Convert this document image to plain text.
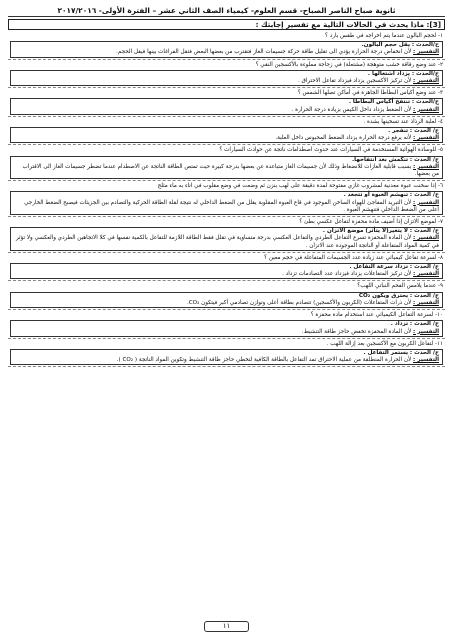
ثانوية صباح الناصر الصباح- قسم العلوم- كيمياء الصف الثاني عشر – الفترة الأولى- ٢٠١٧/٢٠١٦
[3]: ماذا يحدث في الحالات التالية مع تفسير إجابتك :
١- لحجم البالون عندما يتم اخراجه في طقس بارد ؟
ح/الحدث : يقل حجم البالون.
التفسير : لأن انخفاض درجة الحرارة يؤدي الى تقليل طاقة حركة جسيمات الغاز فتقترب من بعضها البعض فتقل الفراغات بينها فيقل الحجم.
٢- عند وضع رقاقة خشب متوهجة (مشتعلة) في زجاجة مملوءة بالأكسجين النقي ؟
ج/الحدث : يزداد اشتعالها .
التفسير : لأن تركيز الأكسجين يزداد فيزداد تفاعل الاحتراق .
٣- عند وضع أكياس البطاطا الجاهزة في أماكن تصلها الشمس ؟
ج/الحدث : تنتفخ أكياس البطاطا .
التفسير : لأن الضغط يزداد داخل الكيس بزيادة درجة الحرارة .
٤- لعلبة الرذاذ عند تسخينها بشدة .
ج/ الحدث : تنفجر .
التفسير : لأنه يرفع درجة الحرارة يزداد الضغط المحبوس داخل العلبة.
٥- للوسادة الهوائية المستخدمة في السيارات عند حدوث اصطدامات ناتجة عن حوادث السيارات ؟
ج/ الحدث : تنكمش بعد انتفاخها.
التفسير : بسبب قابلية الغازات للانضغاط وذلك لأن جسيمات الغاز متباعدة عن بعضها بدرجة كبيرة حيث تمتص الطاقة الناتجة عن الاصطدام عندما تضطر جسيمات الغاز الى الاقتراب من بعضها.
٦- إذا سخنت عبوة معدنية لمشروب غازي مفتوحة لمدة دقيقة على لهب بنزن ثم وضعت في وضع مقلوب في اناء به ماء مثلج
ج/ الحدث : تنهشم العبوة أو تتجعد .
التفسير : لأن التبريد المفاجئ للهواء الساخن الموجود في قاع العبوة المقلوبة يقلل من الضغط الداخلي له نتيجة لقلة الطاقة الحركية والتصادم بين الجزيئات فيصبح الضغط الخارجي أعلى من الضغط الداخلي فتنهشم العبوة .
٧- لموضع الاتزان إذا أضيف مادة محفزة لتفاعل عكسي بطئ ؟
ج/ الحدث : لا يتغير(لا يتأثر) موضع الاتزان .
التفسير : لأن المادة المحفزة تسرع التفاعل الطردي والتفاعل العكسي بدرجة متساوية في تقلل فقط الطاقة اللازمة للتفاعل بالكمية نفسها في كلا الاتجاهين الطردي والعكسي ولا تؤثر في كمية المواد المتفاعلة أو الناتجة الموجودة عند الاتزان .
٨- لسرعة تفاعل كيميائي عند زيادة عدد الجسيمات المتفاعلة في حجم معين ؟
ج/ الحدث : تزداد سرعة التفاعل .
التفسير : لأن تركيز المتفاعلات يزداد فيزداد عدد التصادمات تزداد .
٩- عندما يلامس الفحم النباتي اللهب؟
ج/ الحدث : يحترق ويكون CO₂
التفسير : لأن ذرات المتفاعلات (الكربون والأكسجين) تتصادم بطاقة أعلى وتوازن تصادمي أكبر فيتكون CO₂.
١٠- لسرعة التفاعل الكيميائي عند استخدام مادة محفزة ؟
ج/ الحدث : تزداد .
التفسير : لأن المادة المحفزة تخفض حاجز طاقة التنشيط.
١١- لتفاعل الكربون مع الأكسجين بعد إزالة اللهب .
ج/ الحدث : يستمر التفاعل .
التفسير : لأن الحرارة المنطلقة من عملية الاحتراق تمد التفاعل بالطاقة الكافية لتخطي حاجز طاقة التنشيط وتكوين المواد الناتجة ( CO₂ ).
١١
